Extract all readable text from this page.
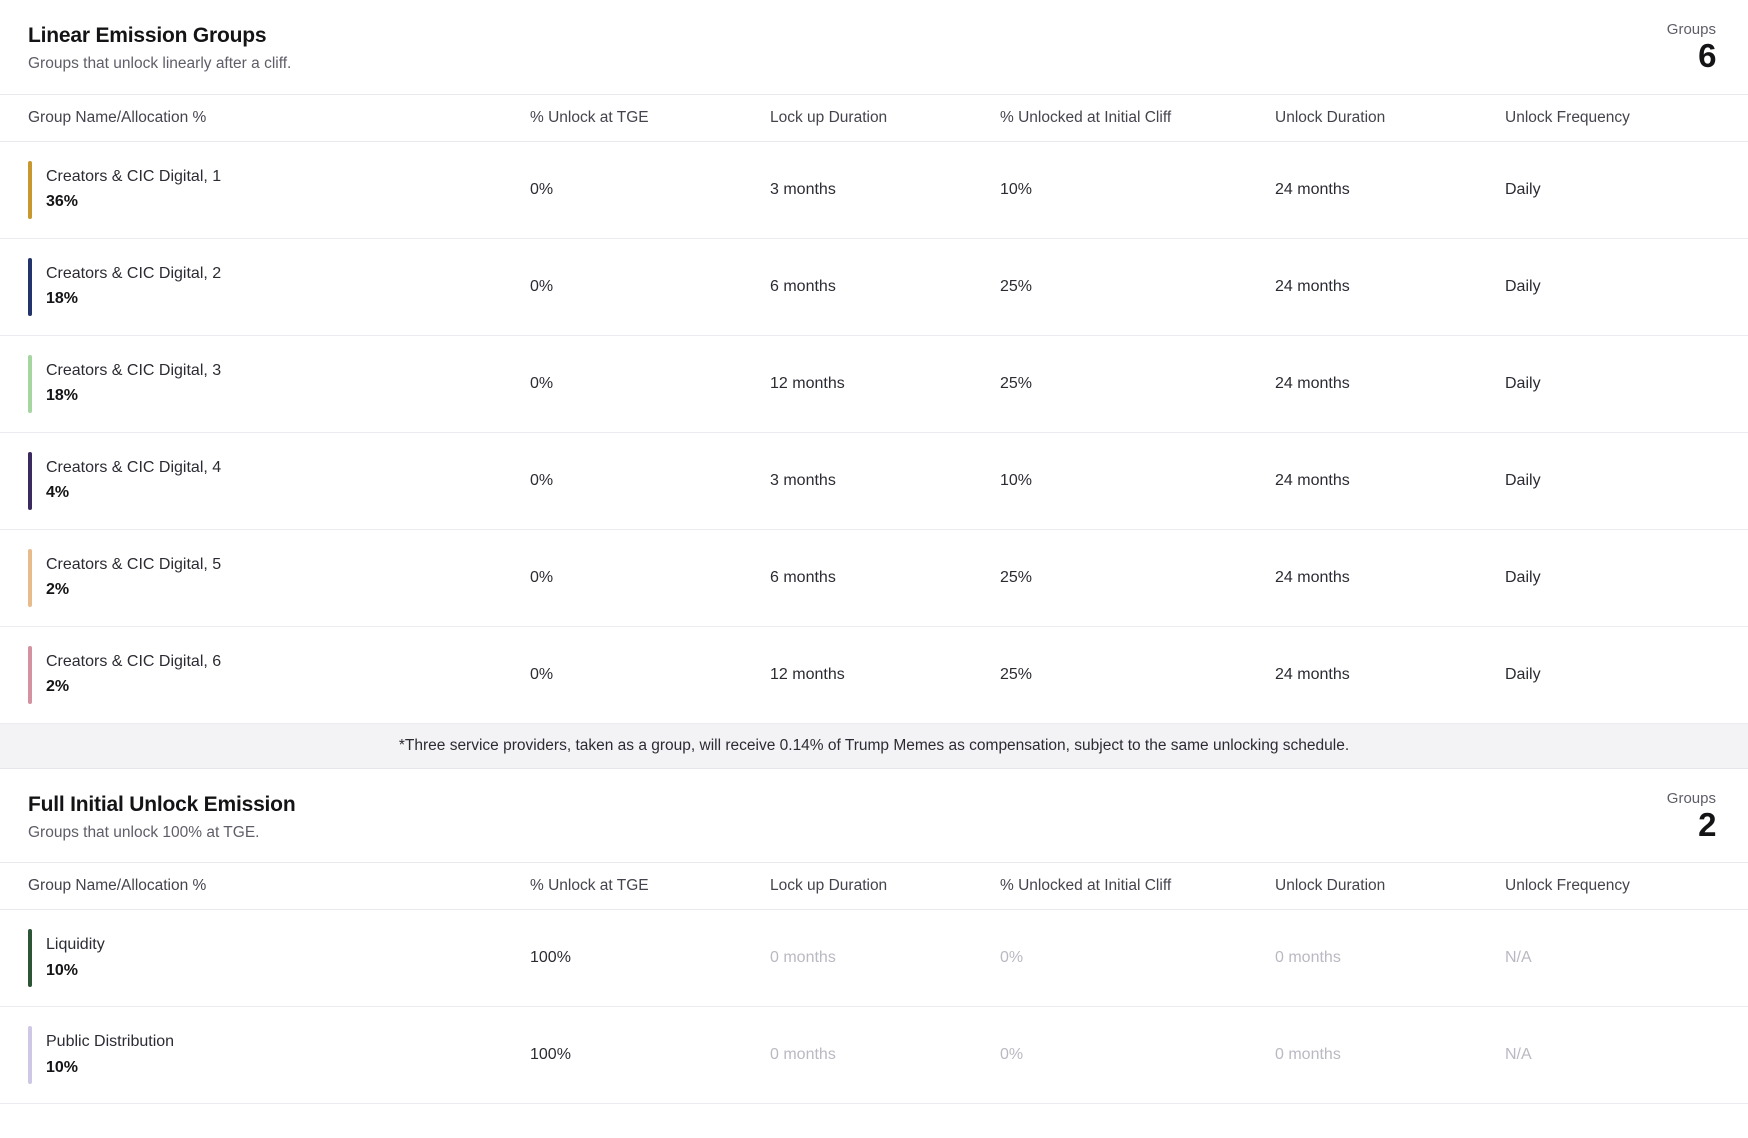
Linear Emission Groups
Groups that unlock linearly after a cliff.
Groups
6
Group Name/Allocation %	% Unlock at TGE	Lock up Duration	% Unlocked at Initial Cliff	Unlock Duration	Unlock Frequency
Creators & CIC Digital, 1
36%
0%	3 months	10%	24 months	Daily
Creators & CIC Digital, 2
18%
0%	6 months	25%	24 months	Daily
Creators & CIC Digital, 3
18%
0%	12 months	25%	24 months	Daily
Creators & CIC Digital, 4
4%
0%	3 months	10%	24 months	Daily
Creators & CIC Digital, 5
2%
0%	6 months	25%	24 months	Daily
Creators & CIC Digital, 6
2%
0%	12 months	25%	24 months	Daily
*Three service providers, taken as a group, will receive 0.14% of Trump Memes as compensation, subject to the same unlocking schedule.
Full Initial Unlock Emission
Groups that unlock 100% at TGE.
Groups
2
Group Name/Allocation %	% Unlock at TGE	Lock up Duration	% Unlocked at Initial Cliff	Unlock Duration	Unlock Frequency
Liquidity
10%
100%	0 months	0%	0 months	N/A
Public Distribution
10%
100%	0 months	0%	0 months	N/A
